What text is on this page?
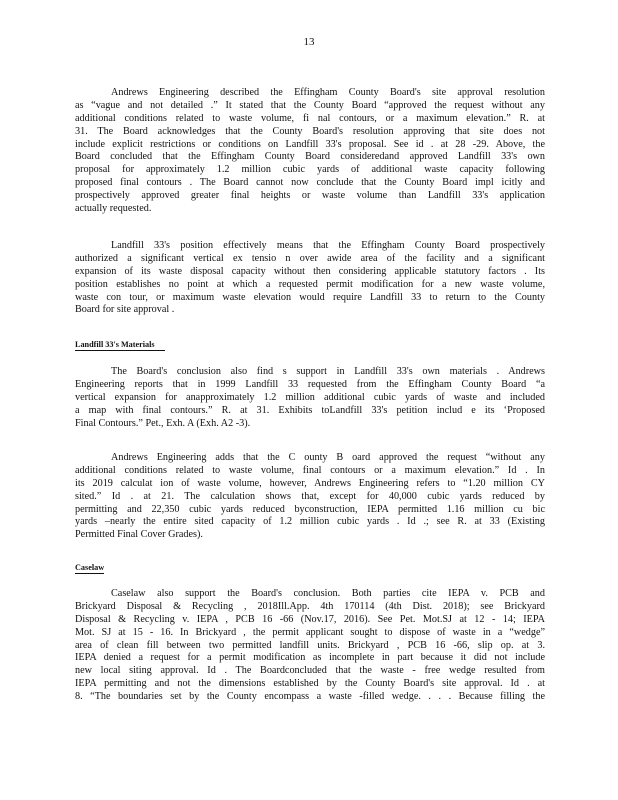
13
Andrews Engineering described the Effingham County Board's site approval resolution
as “vague and not detailed .” It stated that the County Board “approved the request without any
additional conditions related to waste volume, fi nal contours, or a maximum elevation.” R. at
31. The Board acknowledges that the County Board's resolution approving that site does not
include explicit restrictions or conditions on Landfill 33's proposal. See id . at 28 -29. Above, the
Board concluded that the Effingham County Board consideredand approved Landfill 33's own
proposal for approximately 1.2 million cubic yards of additional waste capacity following
proposed final contours . The Board cannot now conclude that the County Board impl icitly and
prospectively approved greater final heights or waste volume than Landfill 33's application
actually requested.
Landfill 33's position effectively means that the Effingham County Board prospectively
authorized a significant vertical ex tensio n over awide area of the facility and a significant
expansion of its waste disposal capacity without then considering applicable statutory factors . Its
position establishes no point at which a requested permit modification for a new waste volume,
waste con tour, or maximum waste elevation would require Landfill 33 to return to the County
Board for site approval .
Landfill 33's Materials
The Board's conclusion also find s support in Landfill 33's own materials . Andrews
Engineering reports that in 1999 Landfill 33 requested from the Effingham County Board “a
vertical expansion for anapproximately 1.2 million additional cubic yards of waste and included
a map with final contours.” R. at 31. Exhibits toLandfill 33's petition includ e its ‘Proposed
Final Contours.” Pet., Exh. A (Exh. A2 -3).
Andrews Engineering adds that the C ounty B oard approved the request “without any
additional conditions related to waste volume, final contours or a maximum elevation.” Id . In
its 2019 calculat ion of waste volume, however, Andrews Engineering refers to “1.20 million CY
sited.” Id . at 21. The calculation shows that, except for 40,000 cubic yards reduced by
permitting and 22,350 cubic yards reduced byconstruction, IEPA permitted 1.16 million cu bic
yards –nearly the entire sited capacity of 1.2 million cubic yards . Id .; see R. at 33 (Existing
Permitted Final Cover Grades).
Caselaw
Caselaw also support the Board's conclusion. Both parties cite IEPA v. PCB and
Brickyard Disposal & Recycling , 2018Ill.App. 4th 170114 (4th Dist. 2018); see Brickyard
Disposal & Recycling v. IEPA , PCB 16 -66 (Nov.17, 2016). See Pet. Mot.SJ at 12 - 14; IEPA
Mot. SJ at 15 - 16. In Brickyard , the permit applicant sought to dispose of waste in a “wedge”
area of clean fill between two permitted landfill units. Brickyard , PCB 16 -66, slip op. at 3.
IEPA denied a request for a permit modification as incomplete in part because it did not include
new local siting approval. Id . The Boardconcluded that the waste - free wedge resulted from
IEPA permitting and not the dimensions established by the County Board's site approval. Id . at
8. “The boundaries set by the County encompass a waste -filled wedge. . . . Because filling the
